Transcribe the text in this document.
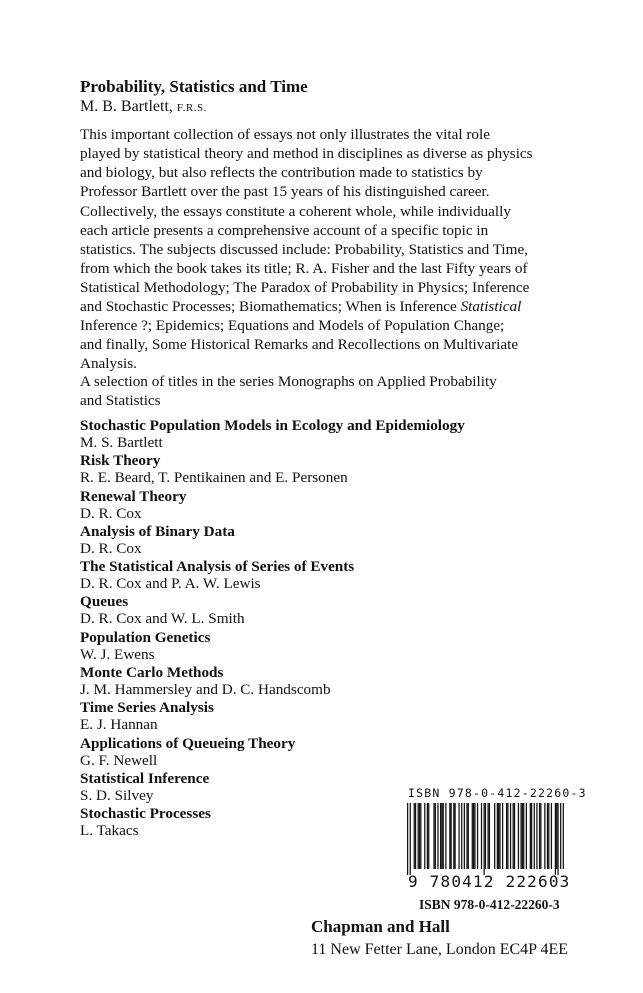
Probability, Statistics and Time
M. B. Bartlett, F.R.S.
This important collection of essays not only illustrates the vital role
played by statistical theory and method in disciplines as diverse as physics
and biology, but also reflects the contribution made to statistics by
Professor Bartlett over the past 15 years of his distinguished career.
Collectively, the essays constitute a coherent whole, while individually
each article presents a comprehensive account of a specific topic in
statistics. The subjects discussed include: Probability, Statistics and Time,
from which the book takes its title; R. A. Fisher and the last Fifty years of
Statistical Methodology; The Paradox of Probability in Physics; Inference
and Stochastic Processes; Biomathematics; When is Inference Statistical
Inference ?; Epidemics; Equations and Models of Population Change;
and finally, Some Historical Remarks and Recollections on Multivariate
Analysis.
A selection of titles in the series Monographs on Applied Probability
and Statistics
Stochastic Population Models in Ecology and Epidemiology
M. S. Bartlett
Risk Theory
R. E. Beard, T. Pentikainen and E. Personen
Renewal Theory
D. R. Cox
Analysis of Binary Data
D. R. Cox
The Statistical Analysis of Series of Events
D. R. Cox and P. A. W. Lewis
Queues
D. R. Cox and W. L. Smith
Population Genetics
W. J. Ewens
Monte Carlo Methods
J. M. Hammersley and D. C. Handscomb
Time Series Analysis
E. J. Hannan
Applications of Queueing Theory
G. F. Newell
Statistical Inference
S. D. Silvey
Stochastic Processes
L. Takacs
ISBN 978-0-412-22260-3
9 780412 222603
ISBN 978-0-412-22260-3
Chapman and Hall
11 New Fetter Lane, London EC4P 4EE
